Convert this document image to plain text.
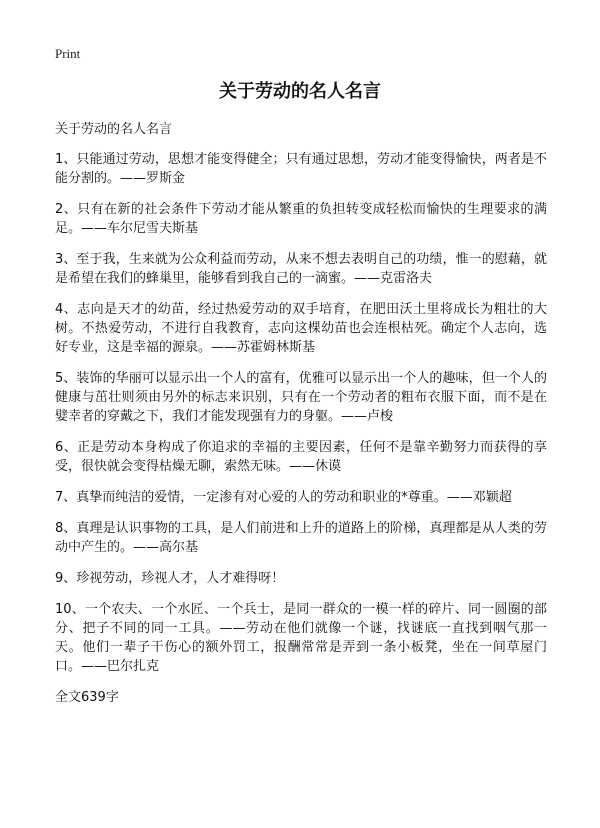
Print
关于劳动的名人名言

关于劳动的名人名言

1、只能通过劳动，思想才能变得健全；只有通过思想，劳动才能变得愉快，两者是不能分割的。——罗斯金

2、只有在新的社会条件下劳动才能从繁重的负担转变成轻松而愉快的生理要求的满足。——车尔尼雪夫斯基

3、至于我，生来就为公众利益而劳动，从来不想去表明自己的功绩，惟一的慰藉，就是希望在我们的蜂巢里，能够看到我自己的一滴蜜。——克雷洛夫

4、志向是天才的幼苗，经过热爱劳动的双手培育，在肥田沃土里将成长为粗壮的大树。不热爱劳动，不进行自我教育，志向这棵幼苗也会连根枯死。确定个人志向，选好专业，这是幸福的源泉。——苏霍姆林斯基

5、装饰的华丽可以显示出一个人的富有，优雅可以显示出一个人的趣味，但一个人的健康与茁壮则须由另外的标志来识别，只有在一个劳动者的粗布衣服下面，而不是在嬖幸者的穿戴之下，我们才能发现强有力的身躯。——卢梭

6、正是劳动本身构成了你追求的幸福的主要因素，任何不是靠辛勤努力而获得的享受，很快就会变得枯燥无聊，索然无味。——休谟

7、真挚而纯洁的爱情，一定渗有对心爱的人的劳动和职业的*尊重。——邓颖超

8、真理是认识事物的工具，是人们前进和上升的道路上的阶梯，真理都是从人类的劳动中产生的。——高尔基

9、珍视劳动，珍视人才，人才难得呀！

10、一个农夫、一个水匠、一个兵士，是同一群众的一模一样的碎片、同一圆圈的部分、把子不同的同一工具。——劳动在他们就像一个谜，找谜底一直找到咽气那一天。他们一辈子干伤心的额外罚工，报酬常常是弄到一条小板凳，坐在一间草屋门口。——巴尔扎克

全文639字
